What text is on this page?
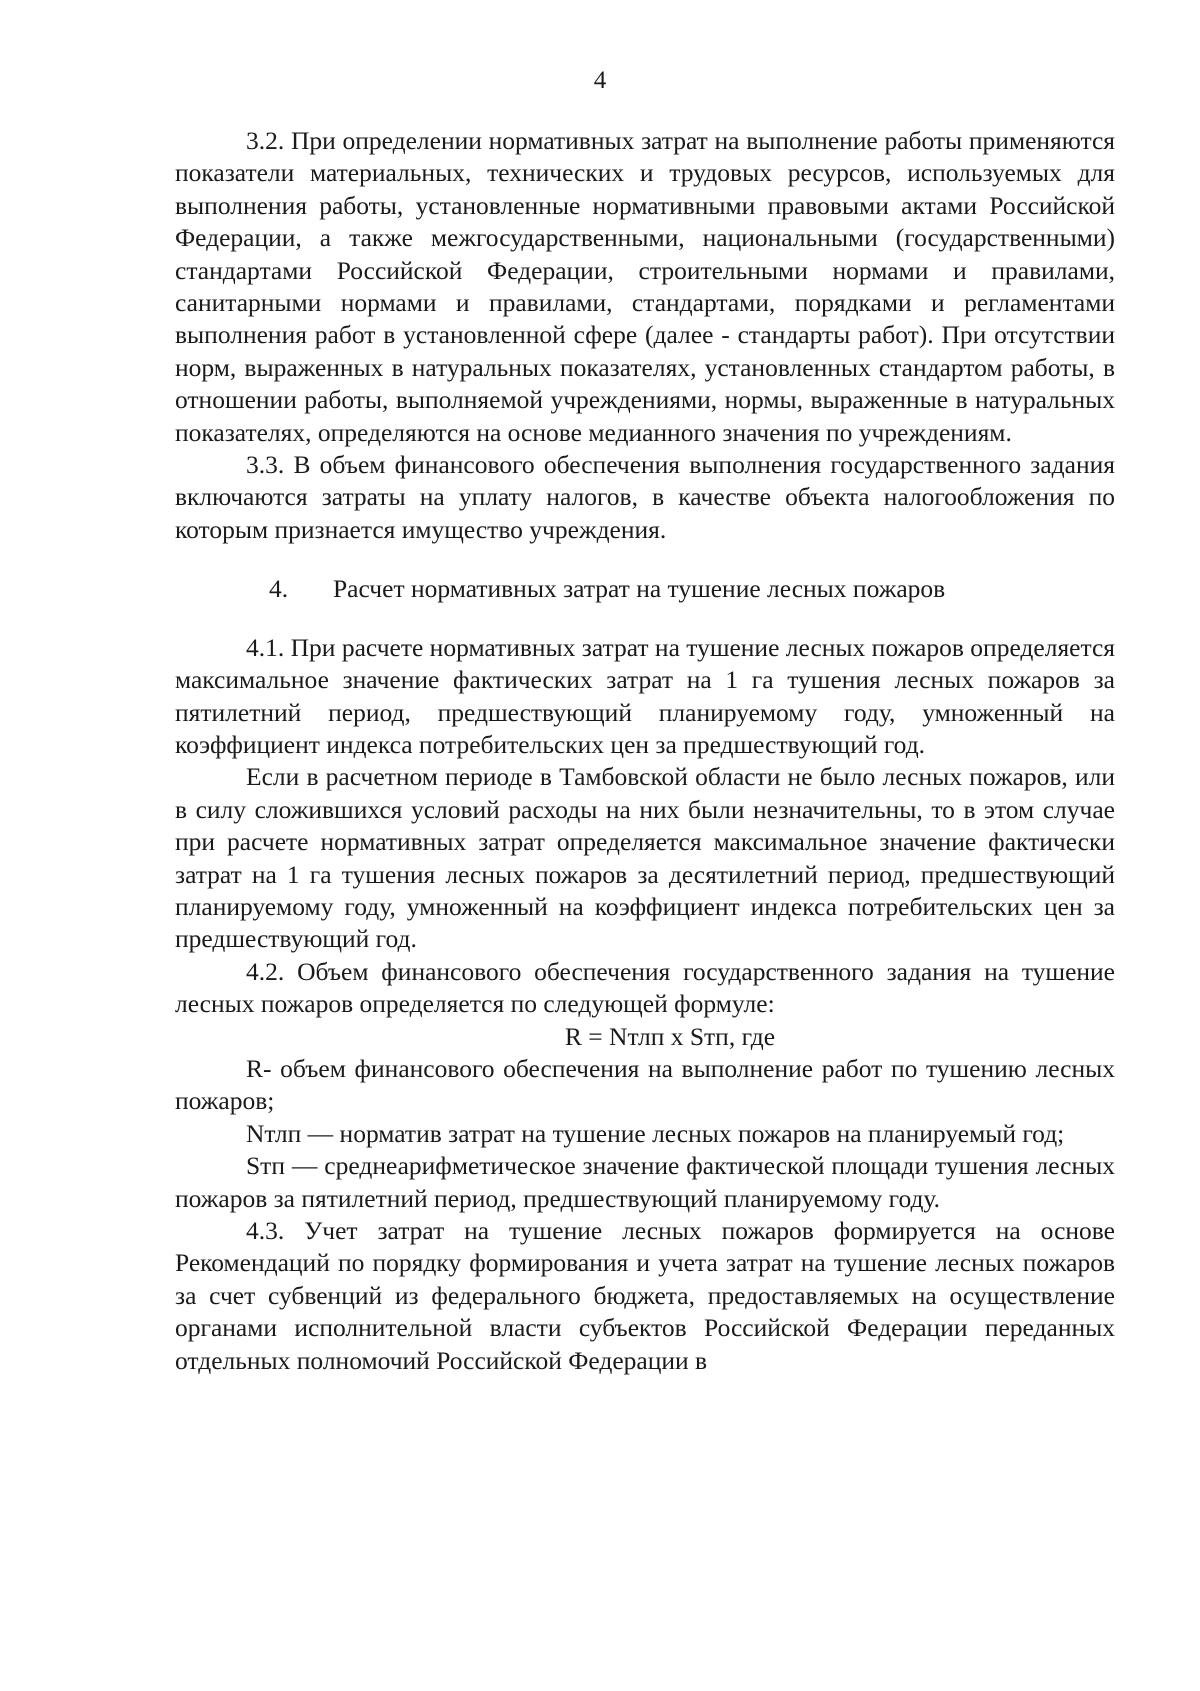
4

3.2. При определении нормативных затрат на выполнение работы применяются показатели материальных, технических и трудовых ресурсов, используемых для выполнения работы, установленные нормативными правовыми актами Российской Федерации, а также межгосударственными, национальными (государственными) стандартами Российской Федерации, строительными нормами и правилами, санитарными нормами и правилами, стандартами, порядками и регламентами выполнения работ в установленной сфере (далее - стандарты работ). При отсутствии норм, выраженных в натуральных показателях, установленных стандартом работы, в отношении работы, выполняемой учреждениями, нормы, выраженные в натуральных показателях, определяются на основе медианного значения по учреждениям.

3.3. В объем финансового обеспечения выполнения государственного задания включаются затраты на уплату налогов, в качестве объекта налогообложения по которым признается имущество учреждения.

4. Расчет нормативных затрат на тушение лесных пожаров

4.1. При расчете нормативных затрат на тушение лесных пожаров определяется максимальное значение фактических затрат на 1 га тушения лесных пожаров за пятилетний период, предшествующий планируемому году, умноженный на коэффициент индекса потребительских цен за предшествующий год.

Если в расчетном периоде в Тамбовской области не было лесных пожаров, или в силу сложившихся условий расходы на них были незначительны, то в этом случае при расчете нормативных затрат определяется максимальное значение фактически затрат на 1 га тушения лесных пожаров за десятилетний период, предшествующий планируемому году, умноженный на коэффициент индекса потребительских цен за предшествующий год.

4.2. Объем финансового обеспечения государственного задания на тушение лесных пожаров определяется по следующей формуле:

R = Nтлп x Sтп, где

R- объем финансового обеспечения на выполнение работ по тушению лесных пожаров;

Nтлп — норматив затрат на тушение лесных пожаров на планируемый год;

Sтп — среднеарифметическое значение фактической площади тушения лесных пожаров за пятилетний период, предшествующий планируемому году.

4.3. Учет затрат на тушение лесных пожаров формируется на основе Рекомендаций по порядку формирования и учета затрат на тушение лесных пожаров за счет субвенций из федерального бюджета, предоставляемых на осуществление органами исполнительной власти субъектов Российской Федерации переданных отдельных полномочий Российской Федерации в
